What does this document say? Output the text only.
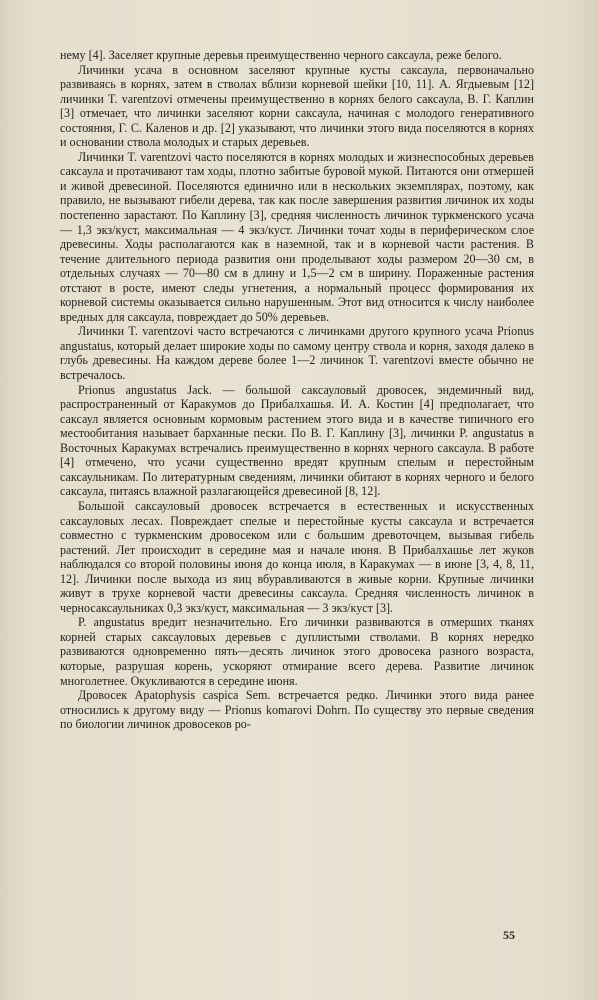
нему [4]. Заселяет крупные деревья преимущественно черного саксаула, реже белого.

Личинки усача в основном заселяют крупные кусты саксаула, первоначально развиваясь в корнях, затем в стволах вблизи корневой шейки [10, 11]. А. Ягдыевым [12] личинки T. varentzovi отмечены преимущественно в корнях белого саксаула, В. Г. Каплин [3] отмечает, что личинки заселяют корни саксаула, начиная с молодого генеративного состояния, Г. С. Каленов и др. [2] указывают, что личинки этого вида поселяются в корнях и основании ствола молодых и старых деревьев.

Личинки T. varentzovi часто поселяются в корнях молодых и жизнеспособных деревьев саксаула и протачивают там ходы, плотно забитые буровой мукой. Питаются они отмершей и живой древесиной. Поселяются единично или в нескольких экземплярах, поэтому, как правило, не вызывают гибели дерева, так как после завершения развития личинок их ходы постепенно зарастают. По Каплину [3], средняя численность личинок туркменского усача — 1,3 экз/куст, максимальная — 4 экз/куст. Личинки точат ходы в периферическом слое древесины. Ходы располагаются как в наземной, так и в корневой части растения. В течение длительного периода развития они проделывают ходы размером 20—30 см, в отдельных случаях — 70—80 см в длину и 1,5—2 см в ширину. Пораженные растения отстают в росте, имеют следы угнетения, а нормальный процесс формирования их корневой системы оказывается сильно нарушенным. Этот вид относится к числу наиболее вредных для саксаула, повреждает до 50% деревьев.

Личинки T. varentzovi часто встречаются с личинками другого крупного усача Prionus angustatus, который делает широкие ходы по самому центру ствола и корня, заходя далеко в глубь древесины. На каждом дереве более 1—2 личинок T. varentzovi вместе обычно не встречалось.

Prionus angustatus Jack. — большой саксауловый дровосек, эндемичный вид, распространенный от Каракумов до Прибалхашья. И. А. Костин [4] предполагает, что саксаул является основным кормовым растением этого вида и в качестве типичного его местообитания называет барханные пески. По В. Г. Каплину [3], личинки P. angustatus в Восточных Каракумах встречались преимущественно в корнях черного саксаула. В работе [4] отмечено, что усачи существенно вредят крупным спелым и перестойным саксаульникам. По литературным сведениям, личинки обитают в корнях черного и белого саксаула, питаясь влажной разлагающейся древесиной [8, 12].

Большой саксауловый дровосек встречается в естественных и искусственных саксауловых лесах. Повреждает спелые и перестойные кусты саксаула и встречается совместно с туркменским дровосеком или с большим древоточцем, вызывая гибель растений. Лет происходит в середине мая и начале июня. В Прибалхашье лет жуков наблюдался со второй половины июня до конца июля, в Каракумах — в июне [3, 4, 8, 11, 12]. Личинки после выхода из яиц вбуравливаются в живые корни. Крупные личинки живут в трухе корневой части древесины саксаула. Средняя численность личинок в черносаксаульниках 0,3 экз/куст, максимальная — 3 экз/куст [3].

P. angustatus вредит незначительно. Его личинки развиваются в отмерших тканях корней старых саксауловых деревьев с дуплистыми стволами. В корнях нередко развиваются одновременно пять—десять личинок этого дровосека разного возраста, которые, разрушая корень, ускоряют отмирание всего дерева. Развитие личинок многолетнее. Окукливаются в середине июня.

Дровосек Apatophysis caspica Sem. встречается редко. Личинки этого вида ранее относились к другому виду — Prionus komarovi Dohrn. По существу это первые сведения по биологии личинок дровосеков ро-

55
